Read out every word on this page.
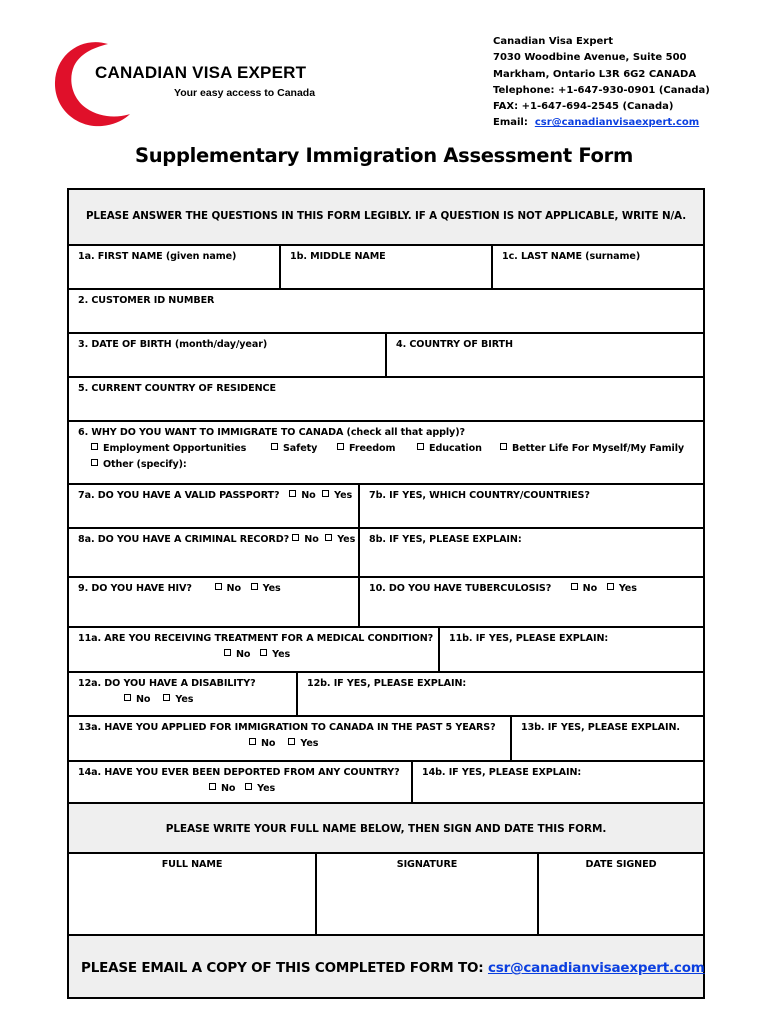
CANADIAN VISA EXPERT
Your easy access to Canada
Canadian Visa Expert
7030 Woodbine Avenue, Suite 500
Markham, Ontario L3R 6G2 CANADA
Telephone: +1-647-930-0901 (Canada)
FAX: +1-647-694-2545 (Canada)
Email: csr@canadianvisaexpert.com
Supplementary Immigration Assessment Form
PLEASE ANSWER THE QUESTIONS IN THIS FORM LEGIBLY. IF A QUESTION IS NOT APPLICABLE, WRITE N/A.
1a. FIRST NAME (given name)	1b. MIDDLE NAME	1c. LAST NAME (surname)
2. CUSTOMER ID NUMBER
3. DATE OF BIRTH (month/day/year)	4. COUNTRY OF BIRTH
5. CURRENT COUNTRY OF RESIDENCE
6. WHY DO YOU WANT TO IMMIGRATE TO CANADA (check all that apply)?
Employment Opportunities	Safety	Freedom	Education	Better Life For Myself/My Family
Other (specify):
7a. DO YOU HAVE A VALID PASSPORT? No Yes	7b. IF YES, WHICH COUNTRY/COUNTRIES?
8a. DO YOU HAVE A CRIMINAL RECORD? No Yes	8b. IF YES, PLEASE EXPLAIN:
9. DO YOU HAVE HIV?	No Yes	10. DO YOU HAVE TUBERCULOSIS?	No Yes
11a. ARE YOU RECEIVING TREATMENT FOR A MEDICAL CONDITION?
No Yes
11b. IF YES, PLEASE EXPLAIN:
12a. DO YOU HAVE A DISABILITY?
No	Yes
12b. IF YES, PLEASE EXPLAIN:
13a. HAVE YOU APPLIED FOR IMMIGRATION TO CANADA IN THE PAST 5 YEARS?
No	Yes
13b. IF YES, PLEASE EXPLAIN.
14a. HAVE YOU EVER BEEN DEPORTED FROM ANY COUNTRY?
No Yes
14b. IF YES, PLEASE EXPLAIN:
PLEASE WRITE YOUR FULL NAME BELOW, THEN SIGN AND DATE THIS FORM.
FULL NAME	SIGNATURE	DATE SIGNED
PLEASE EMAIL A COPY OF THIS COMPLETED FORM TO: csr@canadianvisaexpert.com
